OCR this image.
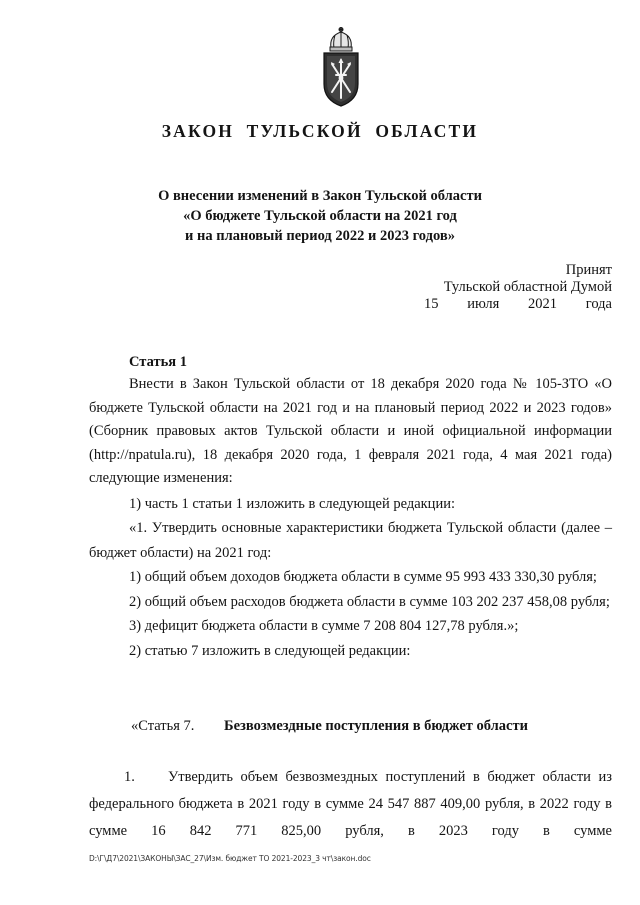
ЗАКОН ТУЛЬСКОЙ ОБЛАСТИ
О внесении изменений в Закон Тульской области
«О бюджете Тульской области на 2021 год
и на плановый период 2022 и 2023 годов»
Принят
Тульской областной Думой
15 июля 2021 года
Статья 1
Внести в Закон Тульской области от 18 декабря 2020 года № 105-ЗТО «О бюджете Тульской области на 2021 год и на плановый период 2022 и 2023 годов» (Сборник правовых актов Тульской области и иной официальной информации (http://npatula.ru), 18 декабря 2020 года, 1 февраля 2021 года, 4 мая 2021 года) следующие изменения:
1) часть 1 статьи 1 изложить в следующей редакции:
«1. Утвердить основные характеристики бюджета Тульской области (далее – бюджет области) на 2021 год:
1) общий объем доходов бюджета области в сумме 95 993 433 330,30 рубля;
2) общий объем расходов бюджета области в сумме 103 202 237 458,08 рубля;
3) дефицит бюджета области в сумме 7 208 804 127,78 рубля.»;
2) статью 7 изложить в следующей редакции:
«Статья 7. Безвозмездные поступления в бюджет области
1. Утвердить объем безвозмездных поступлений в бюджет области из федерального бюджета в 2021 году в сумме 24 547 887 409,00 рубля, в 2022 году в сумме 16 842 771 825,00 рубля, в 2023 году в сумме
D:\Г\Д7\2021\ЗАКОНЫ\ЗАС_27\Изм. бюджет ТО 2021-2023_3 чт\закон.doc
